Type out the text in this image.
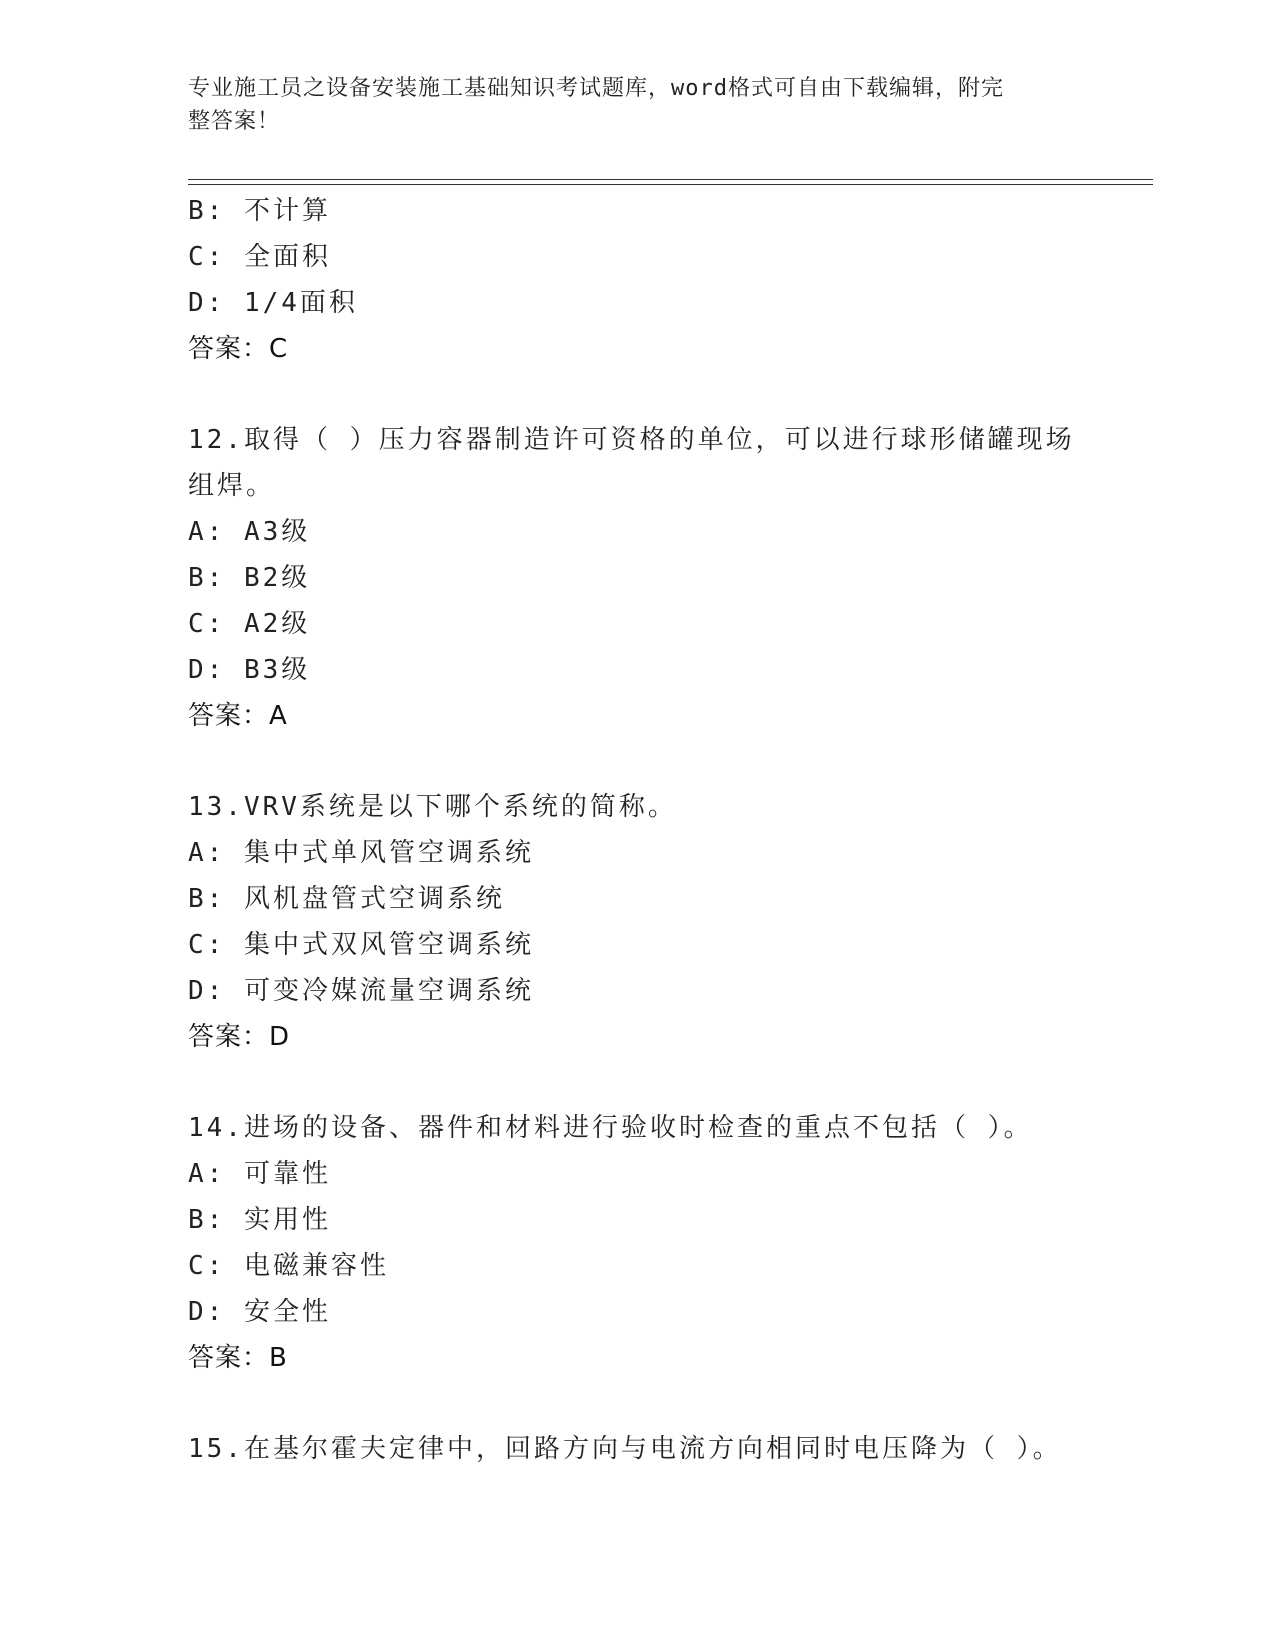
专业施工员之设备安装施工基础知识考试题库，word格式可自由下载编辑，附完
整答案！
B: 不计算
C: 全面积
D: 1/4面积
答案：C
12.取得（ ）压力容器制造许可资格的单位，可以进行球形储罐现场
组焊。
A: A3级
B: B2级
C: A2级
D: B3级
答案：A
13.VRV系统是以下哪个系统的简称。
A: 集中式单风管空调系统
B: 风机盘管式空调系统
C: 集中式双风管空调系统
D: 可变冷媒流量空调系统
答案：D
14.进场的设备、器件和材料进行验收时检查的重点不包括（ ）。
A: 可靠性
B: 实用性
C: 电磁兼容性
D: 安全性
答案：B
15.在基尔霍夫定律中，回路方向与电流方向相同时电压降为（ ）。
